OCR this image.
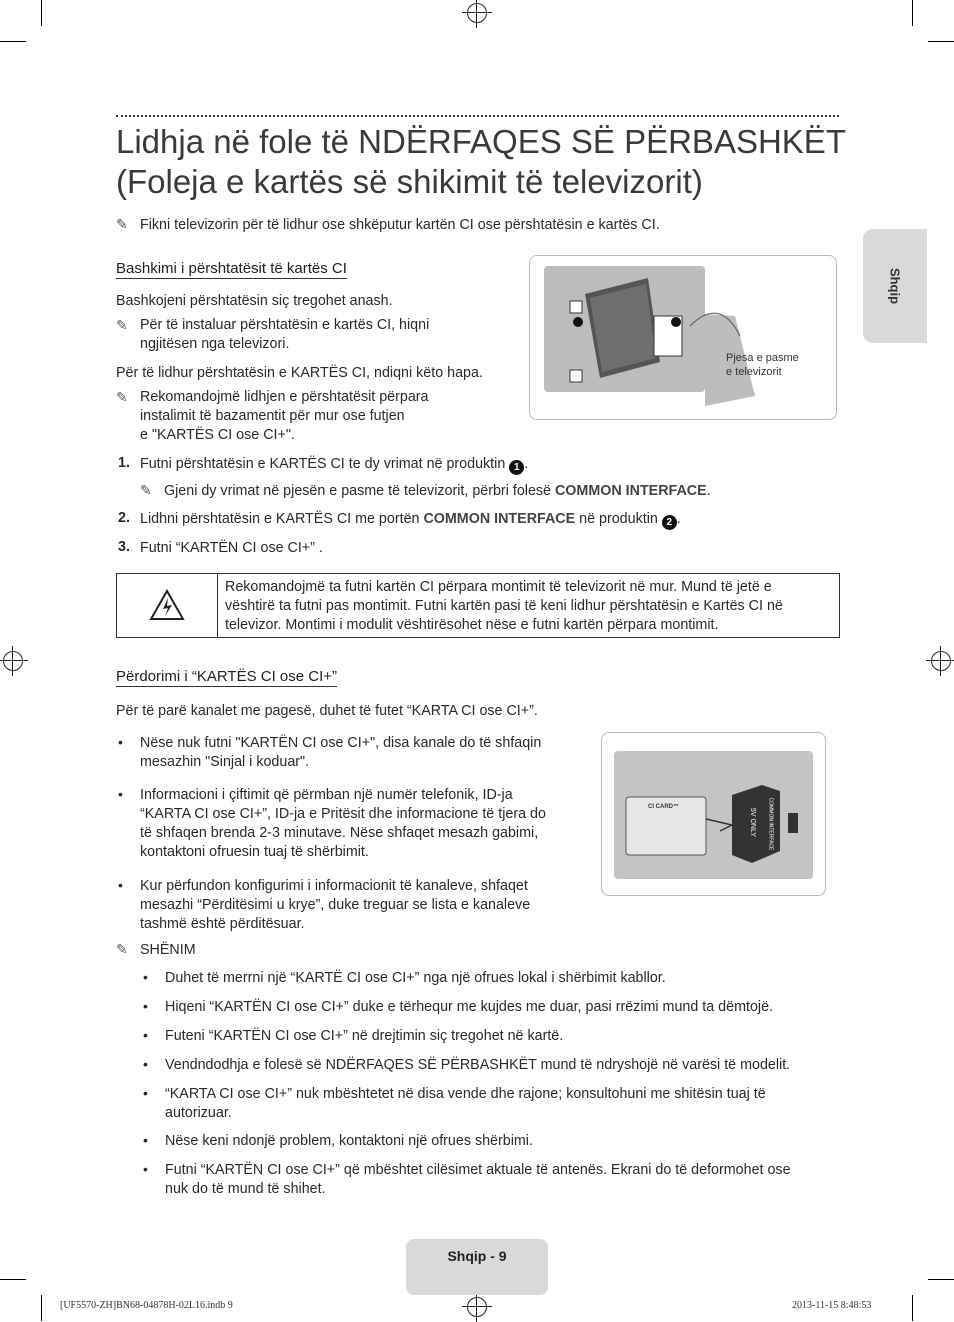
Lidhja në fole të NDËRFAQES SË PËRBASHKËT
(Foleja e kartës së shikimit të televizorit)
✎ Fikni televizorin për të lidhur ose shkëputur kartën CI ose përshtatësin e kartës CI.
Shqip
Bashkimi i përshtatësit të kartës CI
Bashkojeni përshtatësin siç tregohet anash.
✎ Për të instaluar përshtatësin e kartës CI, hiqni
ngjitësen nga televizori.
Për të lidhur përshtatësin e KARTËS CI, ndiqni këto hapa.
✎ Rekomandojmë lidhjen e përshtatësit përpara
instalimit të bazamentit për mur ose futjen
e "KARTËS CI ose CI+".
Pjesa e pasme
e televizorit
1. Futni përshtatësin e KARTËS CI te dy vrimat në produktin 1 .
✎ Gjeni dy vrimat në pjesën e pasme të televizorit, përbri folesë COMMON INTERFACE.
2. Lidhni përshtatësin e KARTËS CI me portën COMMON INTERFACE në produktin 2 .
3. Futni “KARTËN CI ose CI+” .
Rekomandojmë ta futni kartën CI përpara montimit të televizorit në mur. Mund të jetë e
vështirë ta futni pas montimit. Futni kartën pasi të keni lidhur përshtatësin e Kartës CI në
televizor. Montimi i modulit vështirësohet nëse e futni kartën përpara montimit.
Përdorimi i “KARTËS CI ose CI+”
Për të parë kanalet me pagesë, duhet të futet “KARTA CI ose CI+”.
• Nëse nuk futni "KARTËN CI ose CI+", disa kanale do të shfaqin
mesazhin "Sinjal i koduar".
• Informacioni i çiftimit që përmban një numër telefonik, ID-ja
“KARTA CI ose CI+”, ID-ja e Pritësit dhe informacione të tjera do
të shfaqen brenda 2-3 minutave. Nëse shfaqet mesazh gabimi,
kontaktoni ofruesin tuaj të shërbimit.
• Kur përfundon konfigurimi i informacionit të kanaleve, shfaqet
mesazhi “Përditësimi u krye”, duke treguar se lista e kanaleve
tashmë është përditësuar.
CI CARD™	COMMON INTERFACE
5V ONLY
✎ SHËNIM
• Duhet të merrni një “KARTË CI ose CI+” nga një ofrues lokal i shërbimit kabllor.
• Hiqeni “KARTËN CI ose CI+” duke e tërhequr me kujdes me duar, pasi rrëzimi mund ta dëmtojë.
• Futeni “KARTËN CI ose CI+” në drejtimin siç tregohet në kartë.
• Vendndodhja e folesë së NDËRFAQES SË PËRBASHKËT mund të ndryshojë në varësi të modelit.
• “KARTA CI ose CI+” nuk mbështetet në disa vende dhe rajone; konsultohuni me shitësin tuaj të
autorizuar.
• Nëse keni ndonjë problem, kontaktoni një ofrues shërbimi.
• Futni “KARTËN CI ose CI+” që mbështet cilësimet aktuale të antenës. Ekrani do të deformohet ose
nuk do të mund të shihet.
Shqip - 9
[UF5570-ZH]BN68-04878H-02L16.indb 9	2013-11-15 8:48:53
